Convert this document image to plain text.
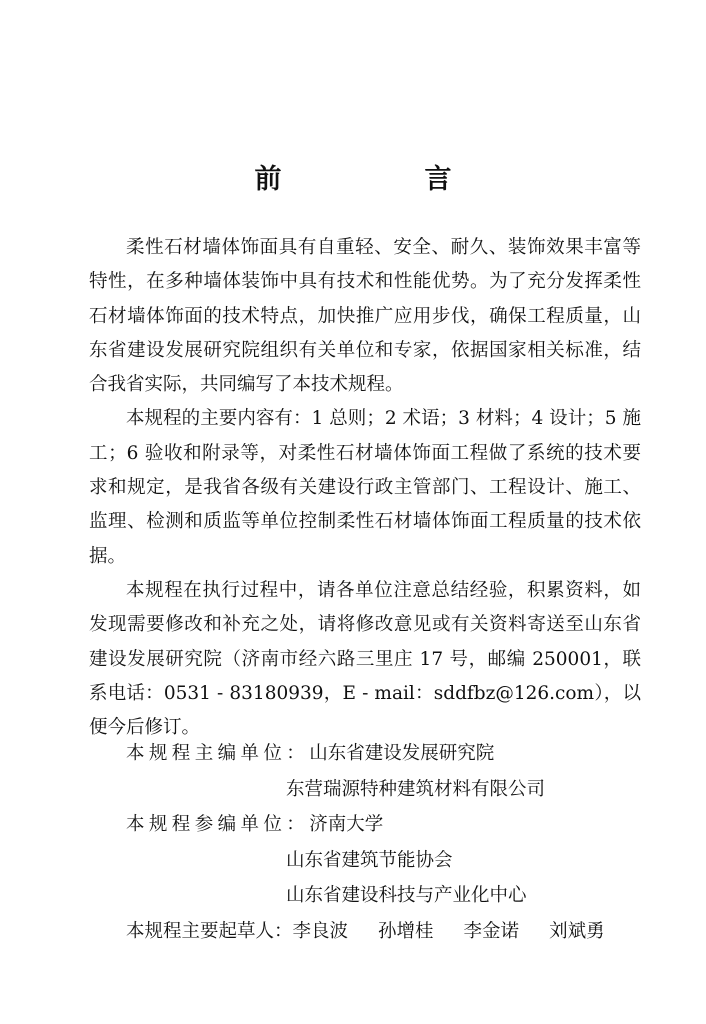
前　言

柔性石材墙体饰面具有自重轻、安全、耐久、装饰效果丰富等特性，在多种墙体装饰中具有技术和性能优势。为了充分发挥柔性石材墙体饰面的技术特点，加快推广应用步伐，确保工程质量，山东省建设发展研究院组织有关单位和专家，依据国家相关标准，结合我省实际，共同编写了本技术规程。

本规程的主要内容有：1 总则；2 术语；3 材料；4 设计；5 施工；6 验收和附录等，对柔性石材墙体饰面工程做了系统的技术要求和规定，是我省各级有关建设行政主管部门、工程设计、施工、监理、检测和质监等单位控制柔性石材墙体饰面工程质量的技术依据。

本规程在执行过程中，请各单位注意总结经验，积累资料，如发现需要修改和补充之处，请将修改意见或有关资料寄送至山东省建设发展研究院（济南市经六路三里庄 17 号，邮编 250001，联系电话：0531 - 83180939，E - mail：sddfbz@126.com），以便今后修订。

本规程主编单位：山东省建设发展研究院
东营瑞源特种建筑材料有限公司
本规程参编单位：济南大学
山东省建筑节能协会
山东省建设科技与产业化中心
本规程主要起草人：李良波 孙增桂 李金诺 刘斌勇
